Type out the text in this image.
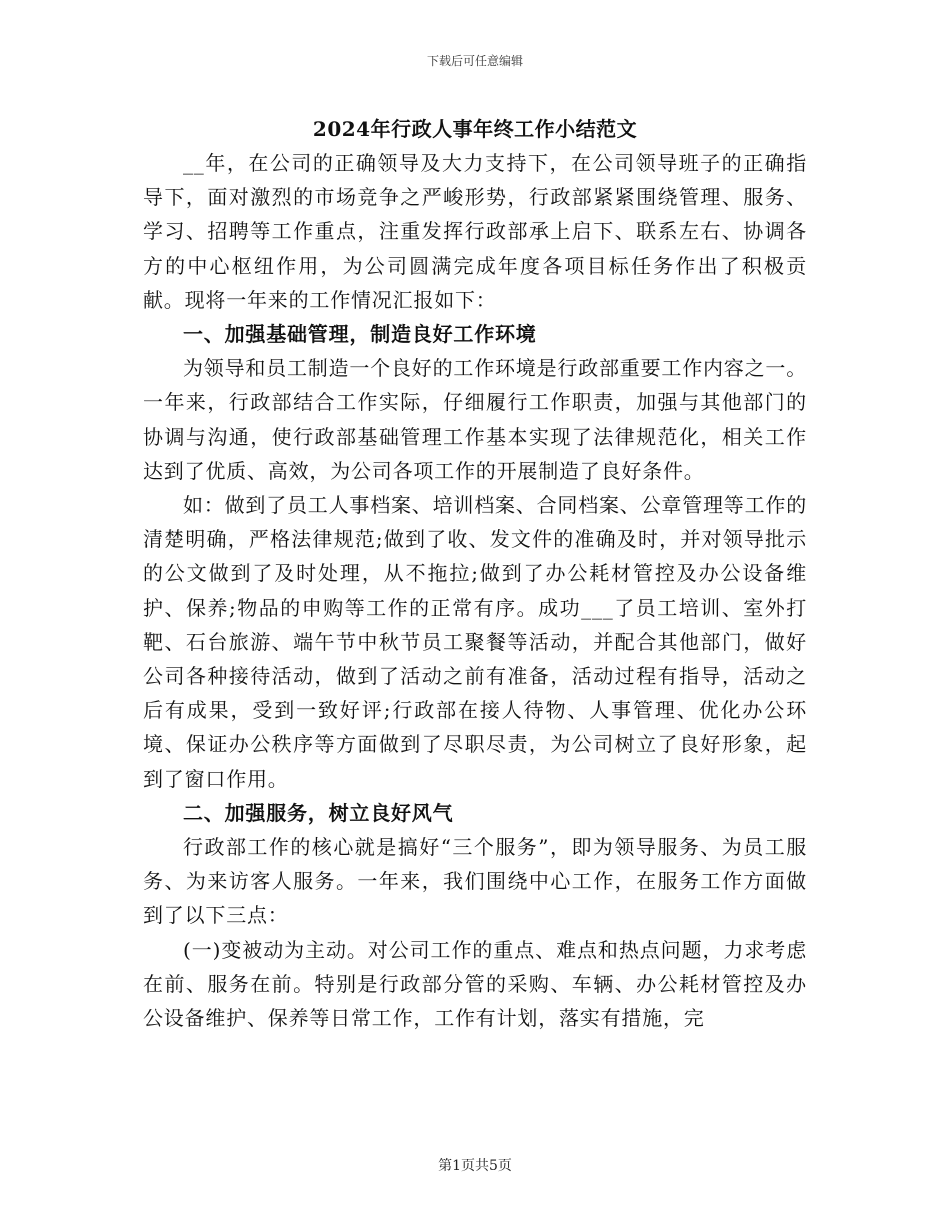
下载后可任意编辑
2024年行政人事年终工作小结范文

__年，在公司的正确领导及大力支持下，在公司领导班子的正确指导下，面对激烈的市场竞争之严峻形势，行政部紧紧围绕管理、服务、学习、招聘等工作重点，注重发挥行政部承上启下、联系左右、协调各方的中心枢纽作用，为公司圆满完成年度各项目标任务作出了积极贡献。现将一年来的工作情况汇报如下：

一、加强基础管理，制造良好工作环境

为领导和员工制造一个良好的工作环境是行政部重要工作内容之一。一年来，行政部结合工作实际，仔细履行工作职责，加强与其他部门的协调与沟通，使行政部基础管理工作基本实现了法律规范化，相关工作达到了优质、高效，为公司各项工作的开展制造了良好条件。

如：做到了员工人事档案、培训档案、合同档案、公章管理等工作的清楚明确，严格法律规范;做到了收、发文件的准确及时，并对领导批示的公文做到了及时处理，从不拖拉;做到了办公耗材管控及办公设备维护、保养;物品的申购等工作的正常有序。成功___了员工培训、室外打靶、石台旅游、端午节中秋节员工聚餐等活动，并配合其他部门，做好公司各种接待活动，做到了活动之前有准备，活动过程有指导，活动之后有成果，受到一致好评;行政部在接人待物、人事管理、优化办公环境、保证办公秩序等方面做到了尽职尽责，为公司树立了良好形象，起到了窗口作用。

二、加强服务，树立良好风气

行政部工作的核心就是搞好“三个服务”，即为领导服务、为员工服务、为来访客人服务。一年来，我们围绕中心工作，在服务工作方面做到了以下三点：

(一)变被动为主动。对公司工作的重点、难点和热点问题，力求考虑在前、服务在前。特别是行政部分管的采购、车辆、办公耗材管控及办公设备维护、保养等日常工作，工作有计划，落实有措施，完

第1页共5页
